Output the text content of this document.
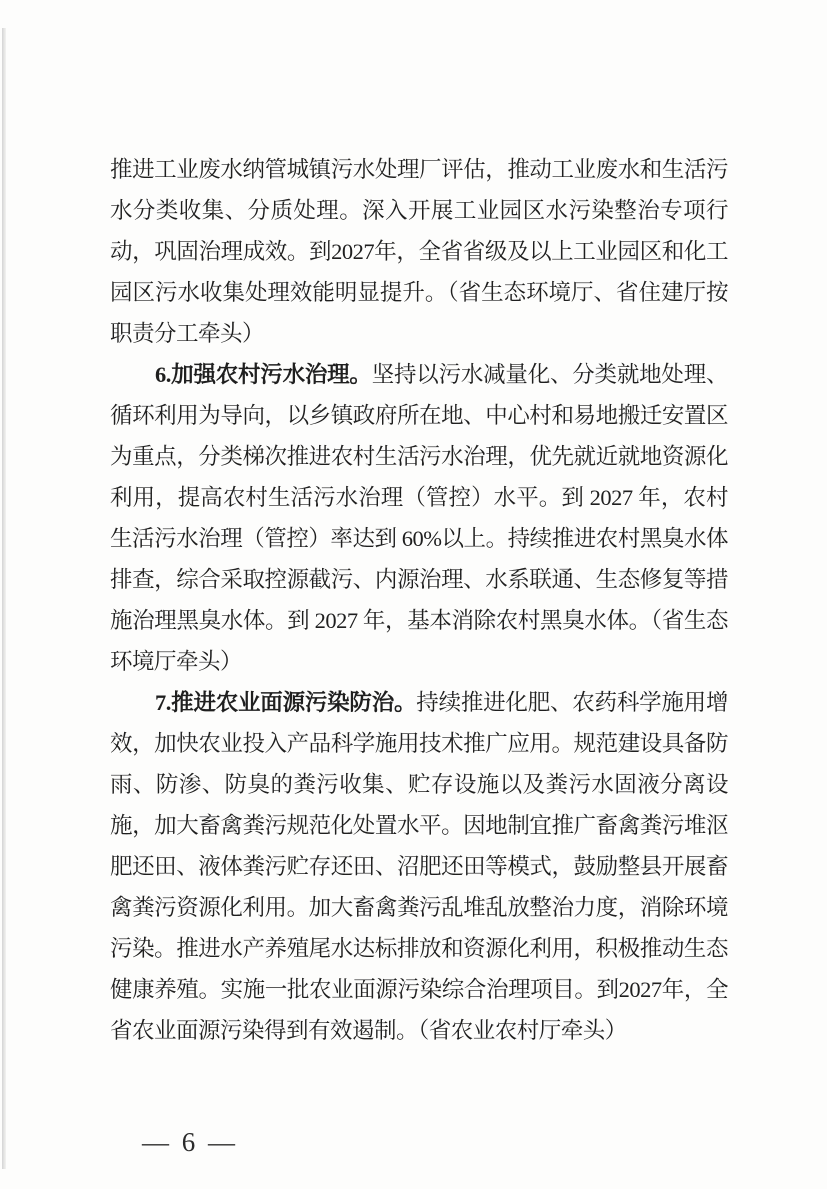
推进工业废水纳管城镇污水处理厂评估，推动工业废水和生活污水分类收集、分质处理。深入开展工业园区水污染整治专项行动，巩固治理成效。到2027年，全省省级及以上工业园区和化工园区污水收集处理效能明显提升。（省生态环境厅、省住建厅按职责分工牵头）

6.加强农村污水治理。坚持以污水减量化、分类就地处理、循环利用为导向，以乡镇政府所在地、中心村和易地搬迁安置区为重点，分类梯次推进农村生活污水治理，优先就近就地资源化利用，提高农村生活污水治理（管控）水平。到 2027 年，农村生活污水治理（管控）率达到 60%以上。持续推进农村黑臭水体排查，综合采取控源截污、内源治理、水系联通、生态修复等措施治理黑臭水体。到 2027 年，基本消除农村黑臭水体。（省生态环境厅牵头）

7.推进农业面源污染防治。持续推进化肥、农药科学施用增效，加快农业投入产品科学施用技术推广应用。规范建设具备防雨、防渗、防臭的粪污收集、贮存设施以及粪污水固液分离设施，加大畜禽粪污规范化处置水平。因地制宜推广畜禽粪污堆沤肥还田、液体粪污贮存还田、沼肥还田等模式，鼓励整县开展畜禽粪污资源化利用。加大畜禽粪污乱堆乱放整治力度，消除环境污染。推进水产养殖尾水达标排放和资源化利用，积极推动生态健康养殖。实施一批农业面源污染综合治理项目。到2027年，全省农业面源污染得到有效遏制。（省农业农村厅牵头）

— 6 —
